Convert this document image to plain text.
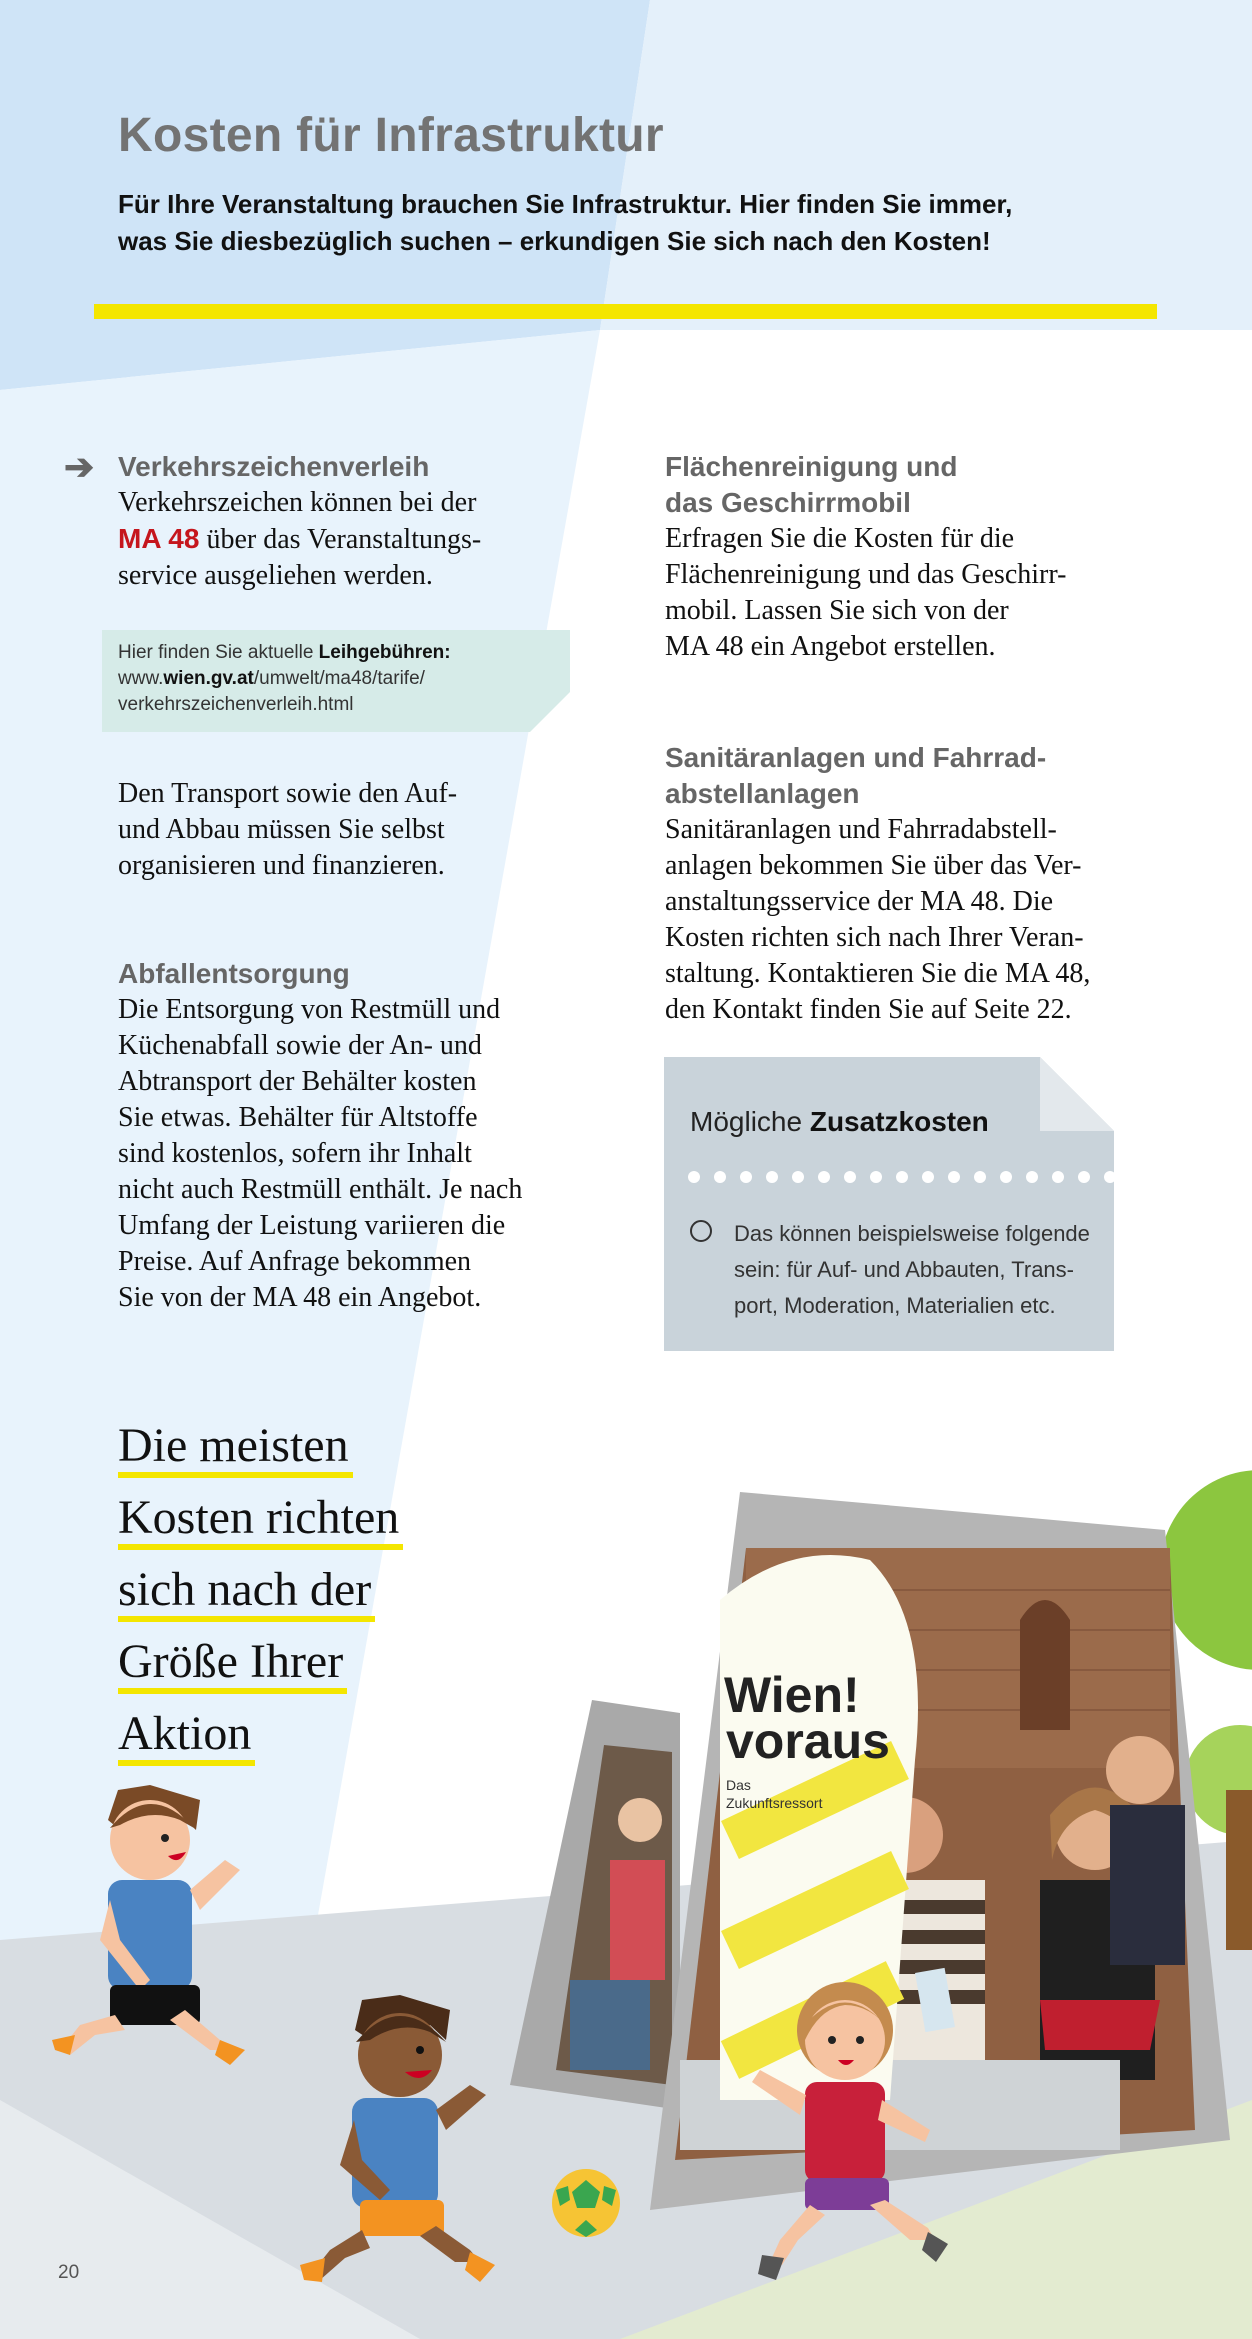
Wien!
voraus
Das
Zukunftsressort
Kosten für Infrastruktur
Für Ihre Veranstaltung brauchen Sie Infrastruktur. Hier finden Sie immer,
was Sie diesbezüglich suchen – erkundigen Sie sich nach den Kosten!
➔ Verkehrszeichenverleih

Verkehrszeichen können bei der

MA 48 über das Veranstaltungs-

service ausgeliehen werden.

Hier finden Sie aktuelle Leihgebühren:
www.wien.gv.at/umwelt/ma48/tarife/
verkehrszeichenverleih.html

Den Transport sowie den Auf-

und Abbau müssen Sie selbst

organisieren und finanzieren.

Abfallentsorgung

Die Entsorgung von Restmüll und

Küchenabfall sowie der An- und

Abtransport der Behälter kosten

Sie etwas. Behälter für Altstoffe

sind kostenlos, sofern ihr Inhalt

nicht auch Restmüll enthält. Je nach

Umfang der Leistung variieren die

Preise. Auf Anfrage bekommen

Sie von der MA 48 ein Angebot.

Flächenreinigung und
das Geschirrmobil

Erfragen Sie die Kosten für die

Flächenreinigung und das Geschirr-

mobil. Lassen Sie sich von der

MA 48 ein Angebot erstellen.

Sanitäranlagen und Fahrrad-
abstellanlagen

Sanitäranlagen und Fahrradabstell-

anlagen bekommen Sie über das Ver-

anstaltungsservice der MA 48. Die

Kosten richten sich nach Ihrer Veran-

staltung. Kontaktieren Sie die MA 48,

den Kontakt finden Sie auf Seite 22.

Mögliche Zusatzkosten
Das können beispielsweise folgende
sein: für Auf- und Abbauten, Trans-
port, Moderation, Materialien etc.
Die meisten
Kosten richten
sich nach der
Größe Ihrer
Aktion
20
